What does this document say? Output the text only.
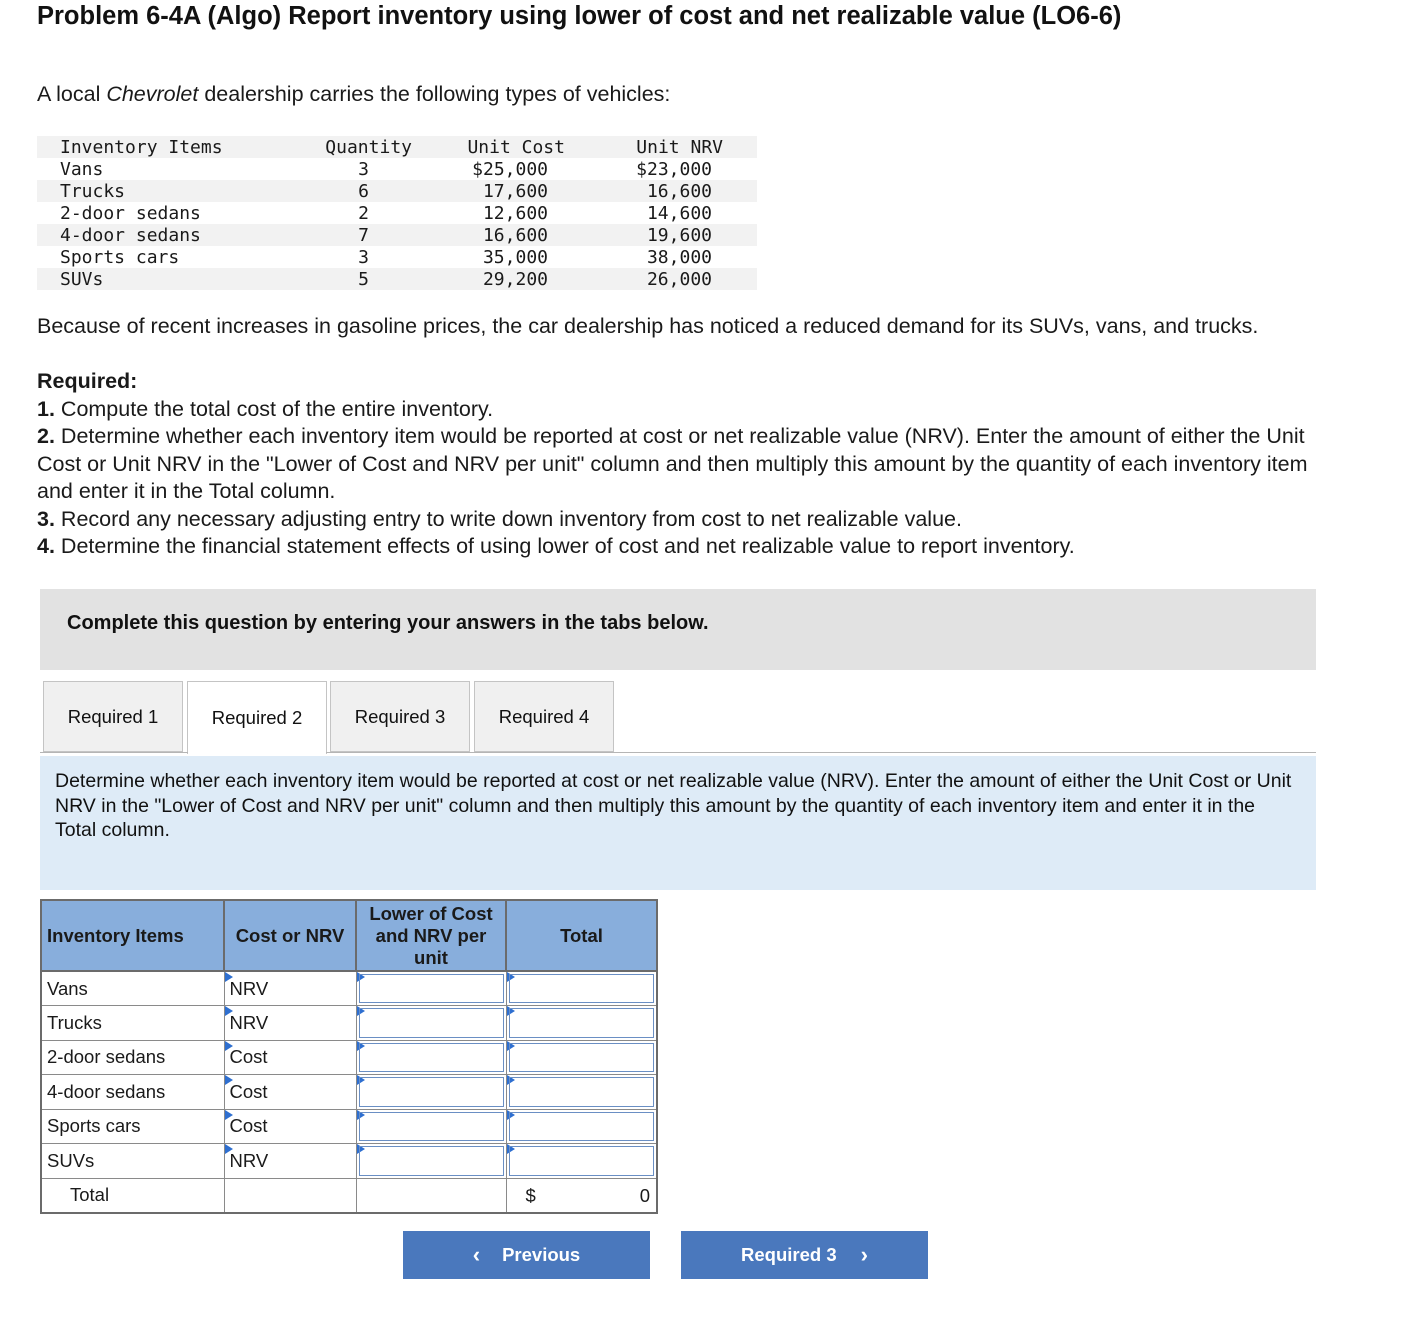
Problem 6-4A (Algo) Report inventory using lower of cost and net realizable value (LO6-6)
A local Chevrolet dealership carries the following types of vehicles:
Inventory Items	Quantity	Unit Cost	Unit NRV
Vans	3	$25,000	$23,000
Trucks	6	17,600	16,600
2-door sedans	2	12,600	14,600
4-door sedans	7	16,600	19,600
Sports cars	3	35,000	38,000
SUVs	5	29,200	26,000
Because of recent increases in gasoline prices, the car dealership has noticed a reduced demand for its SUVs, vans, and trucks.
Required:
1. Compute the total cost of the entire inventory.
2. Determine whether each inventory item would be reported at cost or net realizable value (NRV). Enter the amount of either the Unit
Cost or Unit NRV in the "Lower of Cost and NRV per unit" column and then multiply this amount by the quantity of each inventory item
and enter it in the Total column.
3. Record any necessary adjusting entry to write down inventory from cost to net realizable value.
4. Determine the financial statement effects of using lower of cost and net realizable value to report inventory.
Complete this question by entering your answers in the tabs below.
Required 1	Required 2	Required 3	Required 4
Determine whether each inventory item would be reported at cost or net realizable value (NRV). Enter the amount of either the Unit Cost or Unit NRV in the "Lower of Cost and NRV per unit" column and then multiply this amount by the quantity of each inventory item and enter it in the Total column.
Inventory Items	Cost or NRV	Lower of Cost
and NRV per
unit	Total
Vans	NRV	

Trucks	NRV	

2-door sedans	Cost	

4-door sedans	Cost	

Sports cars	Cost	

SUVs	NRV	

Total			$ 0
‹ Previous	Required 3 ›
